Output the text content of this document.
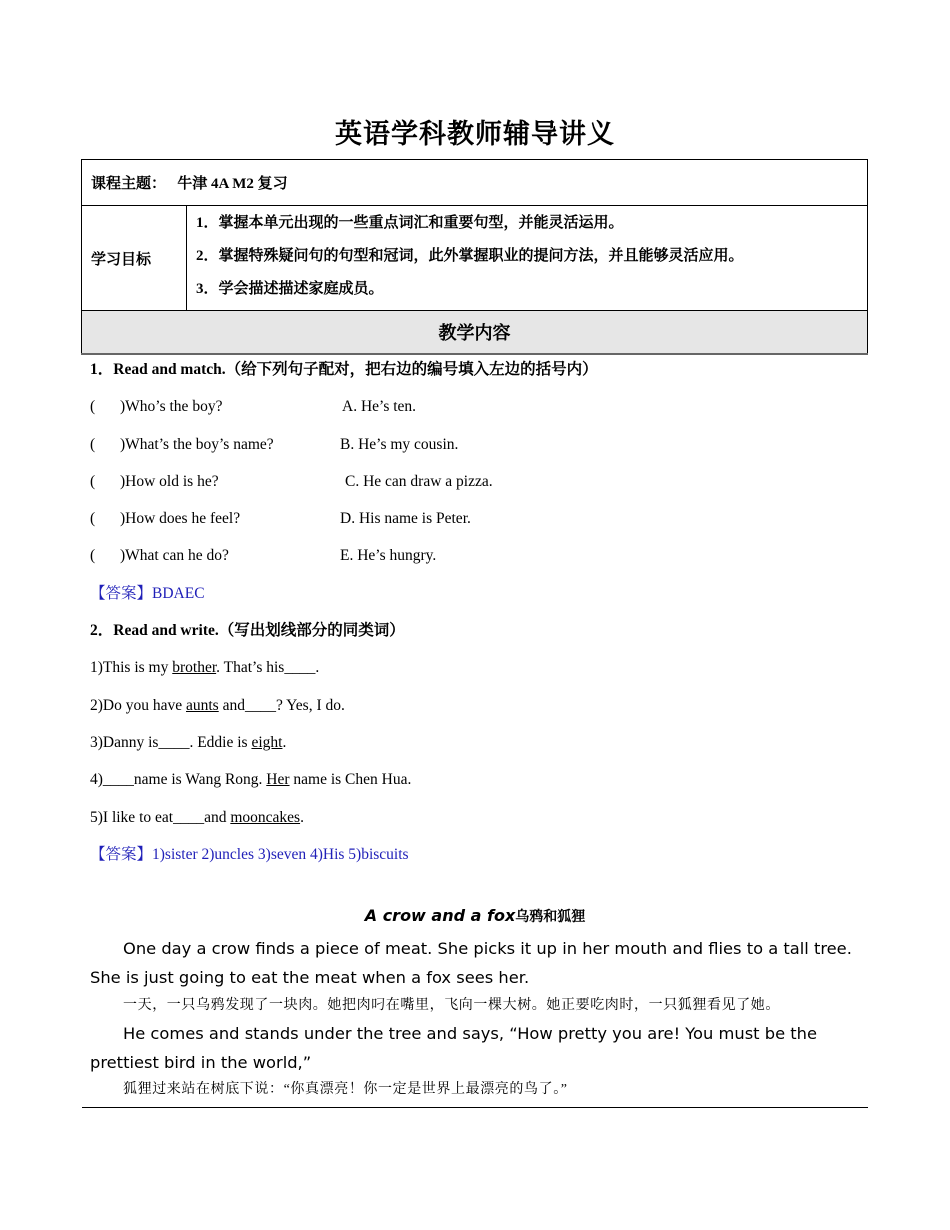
英语学科教师辅导讲义
课程主题： 牛津 4A M2 复习
学习目标	

1．掌握本单元出现的一些重点词汇和重要句型，并能灵活运用。

2．掌握特殊疑问句的句型和冠词，此外掌握职业的提问方法，并且能够灵活应用。

3．学会描述描述家庭成员。

教学内容
1．Read and match.（给下列句子配对，把右边的编号填入左边的括号内）
( )Who’s the boy?	A. He’s ten.
( )What’s the boy’s name?	B. He’s my cousin.
( )How old is he?	C. He can draw a pizza.
( )How does he feel?	D. His name is Peter.
( )What can he do?	E. He’s hungry.
【答案】BDAEC
2．Read and write.（写出划线部分的同类词）
1)This is my brother. That’s his____.
2)Do you have aunts and____? Yes, I do.
3)Danny is____. Eddie is eight.
4)____name is Wang Rong. Her name is Chen Hua.
5)I like to eat____and mooncakes.
【答案】1)sister 2)uncles 3)seven 4)His 5)biscuits
A crow and a fox乌鸦和狐狸
One day a crow finds a piece of meat. She picks it up in her mouth and flies to a tall tree. She is just going to eat the meat when a fox sees her.
一天，一只乌鸦发现了一块肉。她把肉叼在嘴里，飞向一棵大树。她正要吃肉时，一只狐狸看见了她。
He comes and stands under the tree and says, “How pretty you are! You must be the prettiest bird in the world,”
狐狸过来站在树底下说：“你真漂亮！你一定是世界上最漂亮的鸟了。”
